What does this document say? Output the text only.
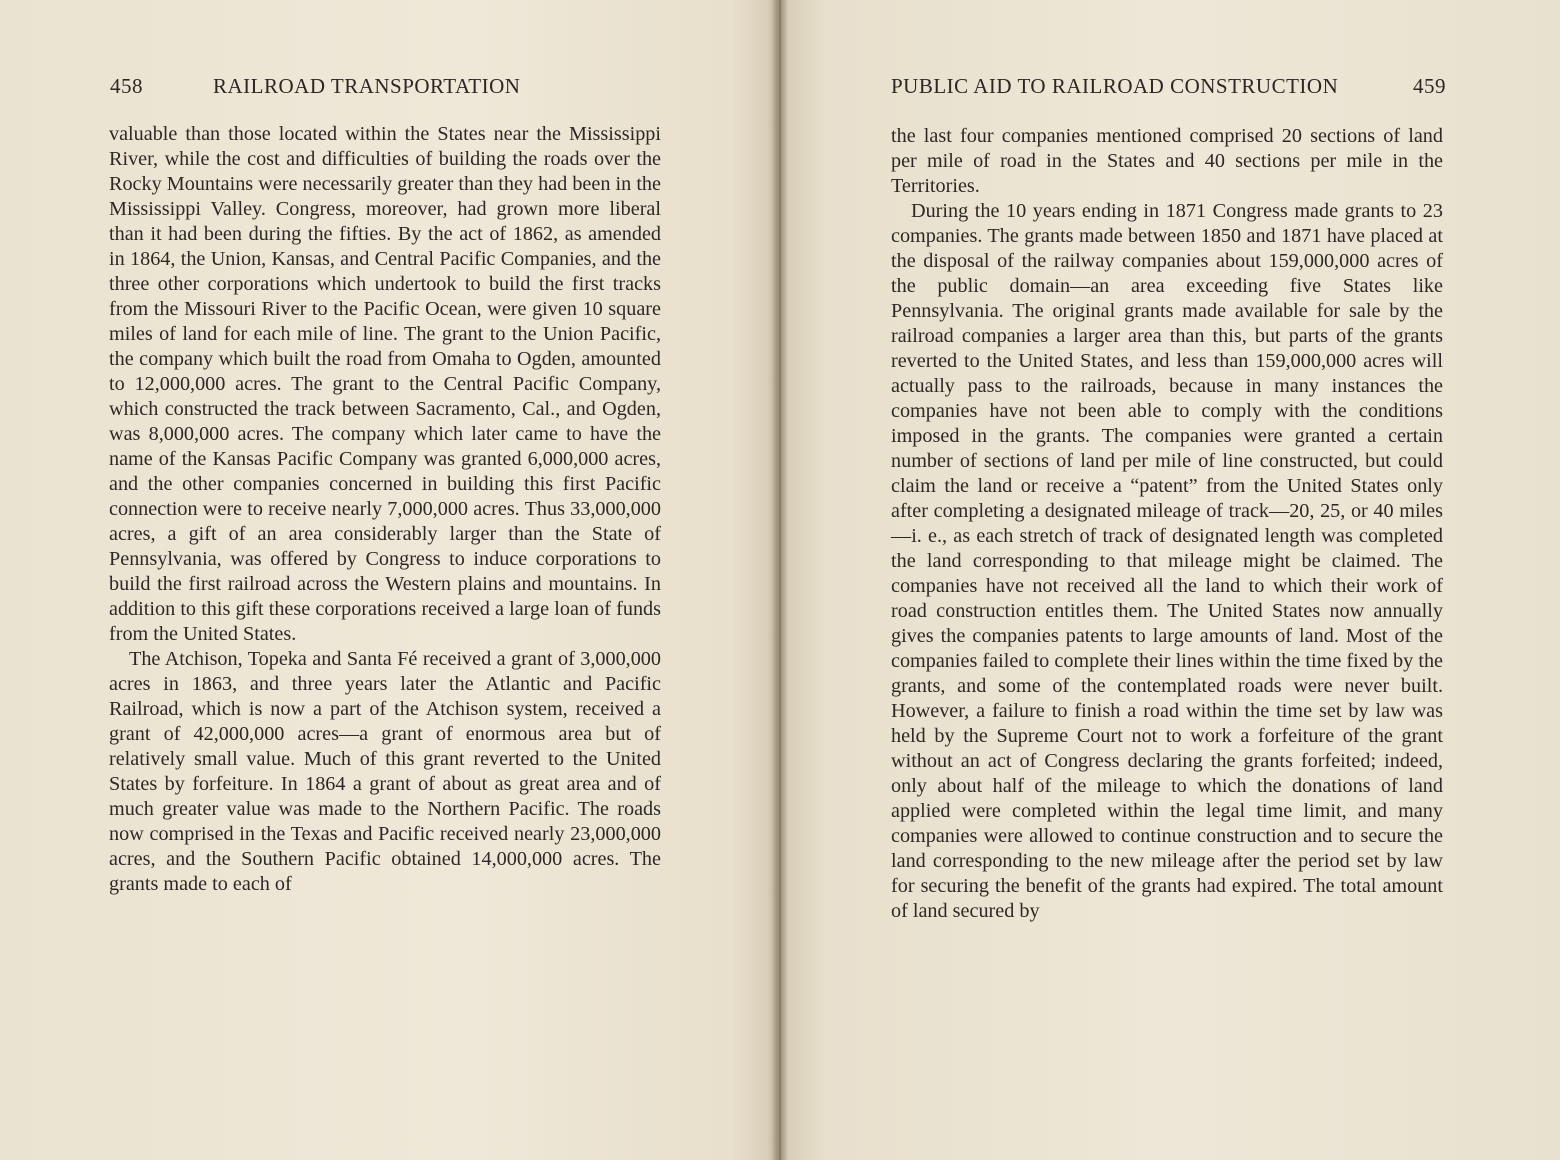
458	RAILROAD TRANSPORTATION

valuable than those located within the States near the Mississippi River, while the cost and difficulties of building the roads over the Rocky Mountains were necessarily greater than they had been in the Mississippi Valley. Congress, moreover, had grown more liberal than it had been during the fifties. By the act of 1862, as amended in 1864, the Union, Kansas, and Central Pacific Companies, and the three other corporations which undertook to build the first tracks from the Missouri River to the Pacific Ocean, were given 10 square miles of land for each mile of line. The grant to the Union Pacific, the company which built the road from Omaha to Ogden, amounted to 12,000,000 acres. The grant to the Central Pacific Company, which constructed the track between Sacramento, Cal., and Ogden, was 8,000,000 acres. The company which later came to have the name of the Kansas Pacific Company was granted 6,000,000 acres, and the other companies concerned in building this first Pacific connection were to receive nearly 7,000,000 acres. Thus 33,000,000 acres, a gift of an area considerably larger than the State of Pennsylvania, was offered by Congress to induce corporations to build the first railroad across the Western plains and mountains. In addition to this gift these corporations received a large loan of funds from the United States.

The Atchison, Topeka and Santa Fé received a grant of 3,000,000 acres in 1863, and three years later the Atlantic and Pacific Railroad, which is now a part of the Atchison system, received a grant of 42,000,000 acres—a grant of enormous area but of relatively small value. Much of this grant reverted to the United States by forfeiture. In 1864 a grant of about as great area and of much greater value was made to the Northern Pacific. The roads now comprised in the Texas and Pacific received nearly 23,000,000 acres, and the Southern Pacific obtained 14,000,000 acres. The grants made to each of

PUBLIC AID TO RAILROAD CONSTRUCTION	459

the last four companies mentioned comprised 20 sections of land per mile of road in the States and 40 sections per mile in the Territories.

During the 10 years ending in 1871 Congress made grants to 23 companies. The grants made between 1850 and 1871 have placed at the disposal of the railway companies about 159,000,000 acres of the public domain—an area exceeding five States like Pennsylvania. The original grants made available for sale by the railroad companies a larger area than this, but parts of the grants reverted to the United States, and less than 159,000,000 acres will actually pass to the railroads, because in many instances the companies have not been able to comply with the conditions imposed in the grants. The companies were granted a certain number of sections of land per mile of line constructed, but could claim the land or receive a “patent” from the United States only after completing a designated mileage of track—20, 25, or 40 miles—i. e., as each stretch of track of designated length was completed the land corresponding to that mileage might be claimed. The companies have not received all the land to which their work of road construction entitles them. The United States now annually gives the companies patents to large amounts of land. Most of the companies failed to complete their lines within the time fixed by the grants, and some of the contemplated roads were never built. However, a failure to finish a road within the time set by law was held by the Supreme Court not to work a forfeiture of the grant without an act of Congress declaring the grants forfeited; indeed, only about half of the mileage to which the donations of land applied were completed within the legal time limit, and many companies were allowed to continue construction and to secure the land corresponding to the new mileage after the period set by law for securing the benefit of the grants had expired. The total amount of land secured by
